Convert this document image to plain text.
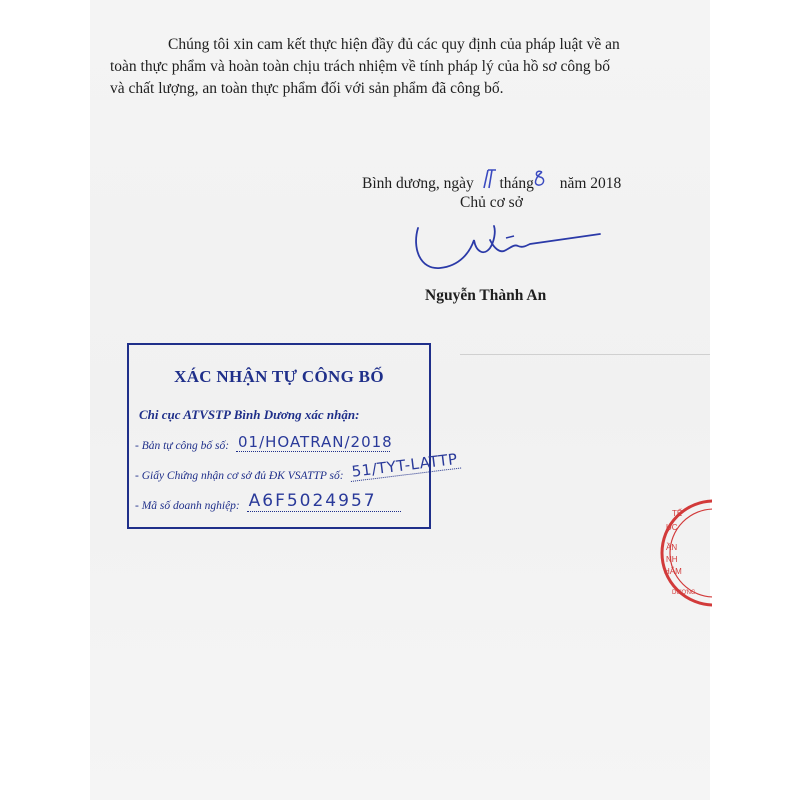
Chúng tôi xin cam kết thực hiện đầy đủ các quy định của pháp luật về an

toàn thực phẩm và hoàn toàn chịu trách nhiệm về tính pháp lý của hồ sơ công bố

và chất lượng, an toàn thực phẩm đối với sản phẩm đã công bố.

Bình dương, ngày tháng năm 2018
Chủ cơ sở
Nguyễn Thành An
XÁC NHẬN TỰ CÔNG BỐ
Chi cục ATVSTP Bình Dương xác nhận:
- Bản tự công bố số: 01/HOATRAN/2018
- Giấy Chứng nhận cơ sở đủ ĐK VSATTP số: 51/TYT-LATTP
- Mã số doanh nghiệp: A6F5024957
TẾ
ỤC
ẦN
NH
HẨM
DƯƠNG
